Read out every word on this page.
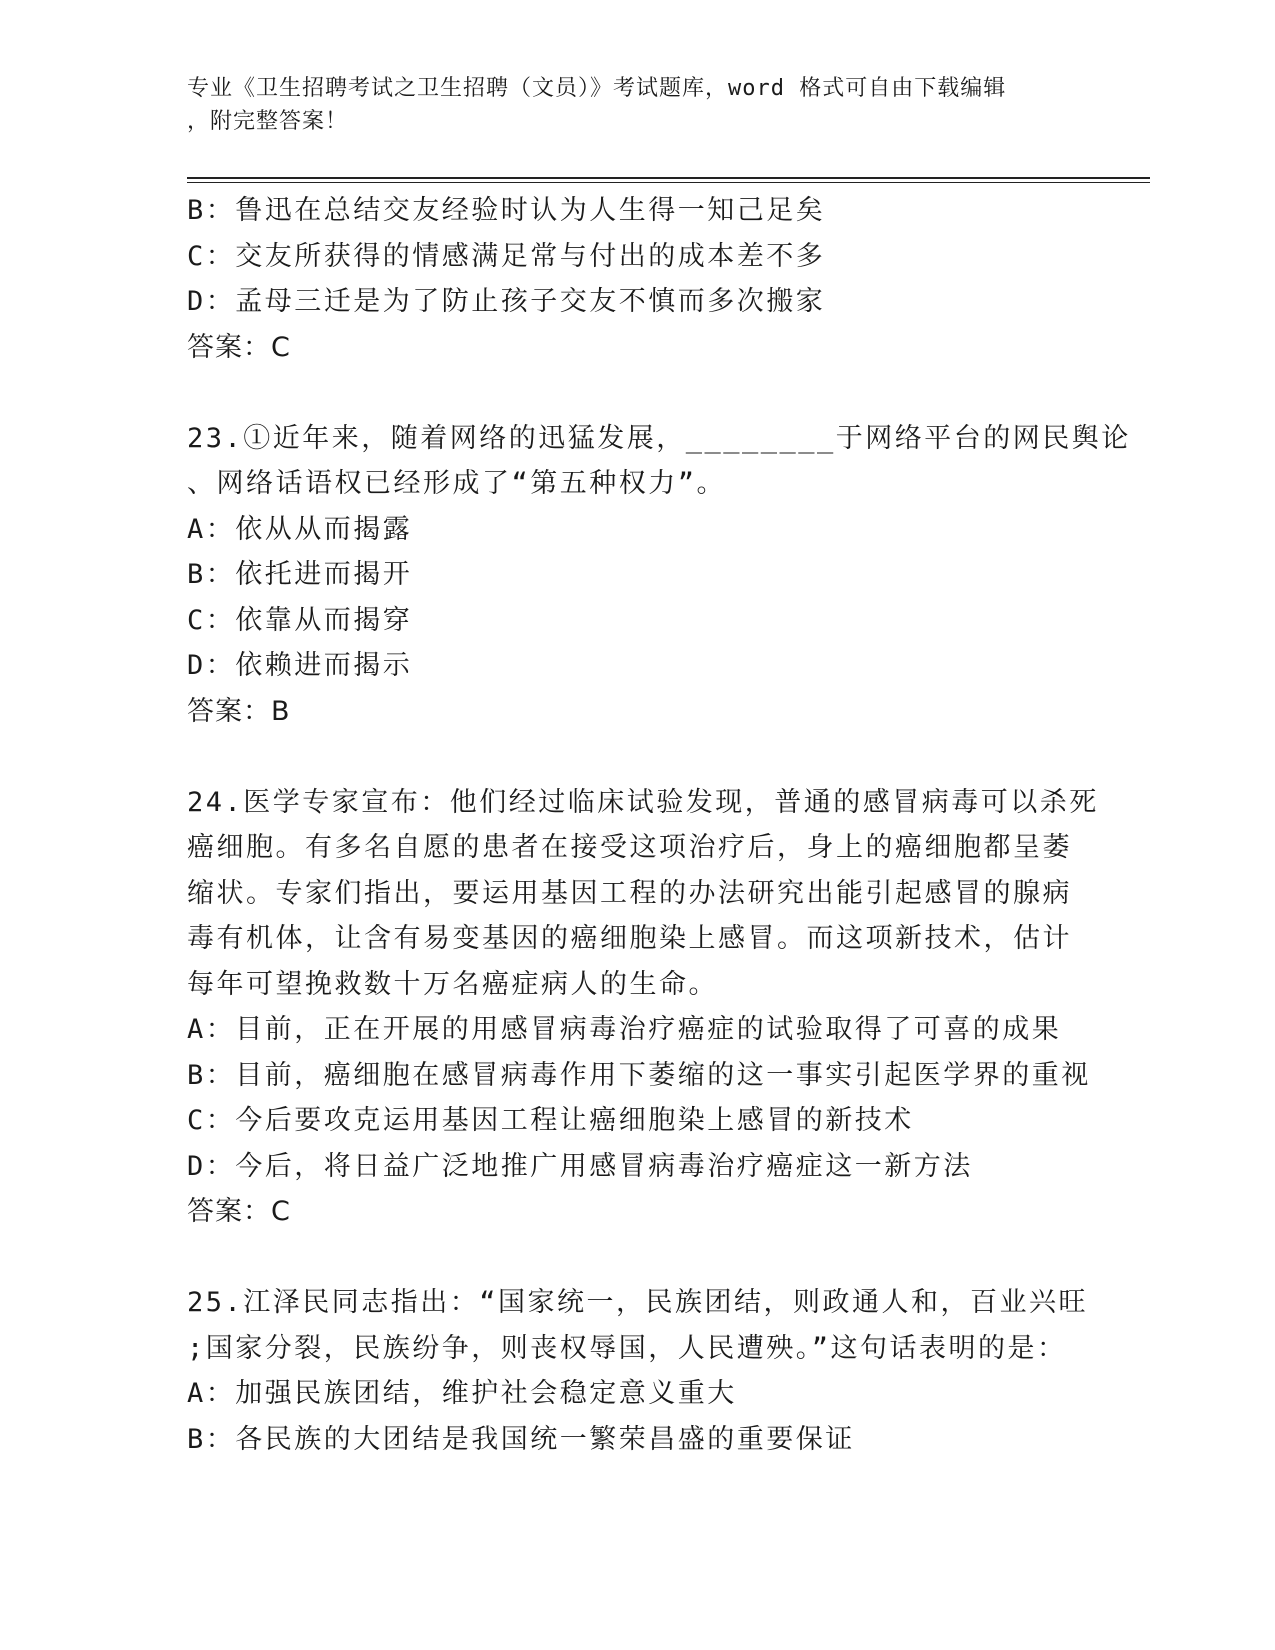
专业《卫生招聘考试之卫生招聘（文员）》考试题库，word 格式可自由下载编辑
，附完整答案！
B：鲁迅在总结交友经验时认为人生得一知己足矣
C：交友所获得的情感满足常与付出的成本差不多
D：孟母三迁是为了防止孩子交友不慎而多次搬家
答案：C
23.①近年来，随着网络的迅猛发展，________于网络平台的网民舆论
、网络话语权已经形成了“第五种权力”。
A：依从从而揭露
B：依托进而揭开
C：依靠从而揭穿
D：依赖进而揭示
答案：B
24.医学专家宣布：他们经过临床试验发现，普通的感冒病毒可以杀死
癌细胞。有多名自愿的患者在接受这项治疗后，身上的癌细胞都呈萎
缩状。专家们指出，要运用基因工程的办法研究出能引起感冒的腺病
毒有机体，让含有易变基因的癌细胞染上感冒。而这项新技术，估计
每年可望挽救数十万名癌症病人的生命。
A：目前，正在开展的用感冒病毒治疗癌症的试验取得了可喜的成果
B：目前，癌细胞在感冒病毒作用下萎缩的这一事实引起医学界的重视
C：今后要攻克运用基因工程让癌细胞染上感冒的新技术
D：今后，将日益广泛地推广用感冒病毒治疗癌症这一新方法
答案：C
25.江泽民同志指出：“国家统一，民族团结，则政通人和，百业兴旺
;国家分裂，民族纷争，则丧权辱国，人民遭殃。”这句话表明的是：
A：加强民族团结，维护社会稳定意义重大
B：各民族的大团结是我国统一繁荣昌盛的重要保证
